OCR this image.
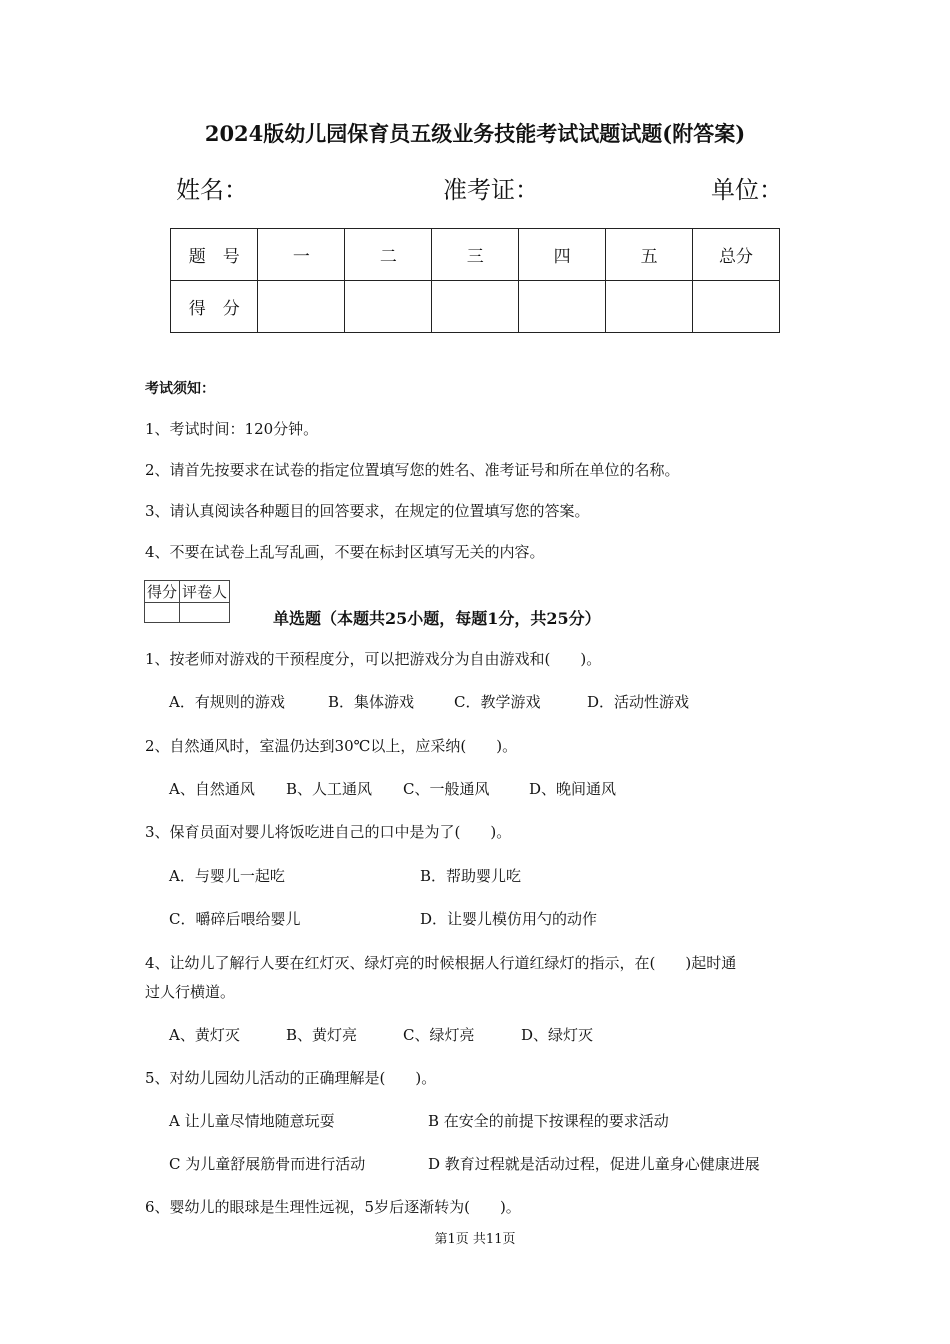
2024版幼儿园保育员五级业务技能考试试题试题(附答案)
姓名：	准考证：	单位：
题　号	一	二	三	四	五	总分
得　分						
考试须知：
1、考试时间：120分钟。
2、请首先按要求在试卷的指定位置填写您的姓名、准考证号和所在单位的名称。
3、请认真阅读各种题目的回答要求，在规定的位置填写您的答案。
4、不要在试卷上乱写乱画，不要在标封区填写无关的内容。
得分	评卷人

单选题（本题共25小题，每题1分，共25分）
1、按老师对游戏的干预程度分，可以把游戏分为自由游戏和(　　)。
A．有规则的游戏	B．集体游戏	C．教学游戏	D．活动性游戏
2、自然通风时，室温仍达到30℃以上，应采纳(　　)。
A、自然通风 B、人工通风 C、一般通风	D、晚间通风
3、保育员面对婴儿将饭吃进自己的口中是为了(　　)。
A．与婴儿一起吃	B．帮助婴儿吃
C．嚼碎后喂给婴儿	D．让婴儿模仿用勺的动作
4、让幼儿了解行人要在红灯灭、绿灯亮的时候根据人行道红绿灯的指示，在(　　)起时通
过人行横道。
A、黄灯灭	B、黄灯亮	C、绿灯亮	D、绿灯灭
5、对幼儿园幼儿活动的正确理解是(　　)。
A 让儿童尽情地随意玩耍	B 在安全的前提下按课程的要求活动
C 为儿童舒展筋骨而进行活动	D 教育过程就是活动过程，促进儿童身心健康进展
6、婴幼儿的眼球是生理性远视，5岁后逐渐转为(　　)。
第1页 共11页
